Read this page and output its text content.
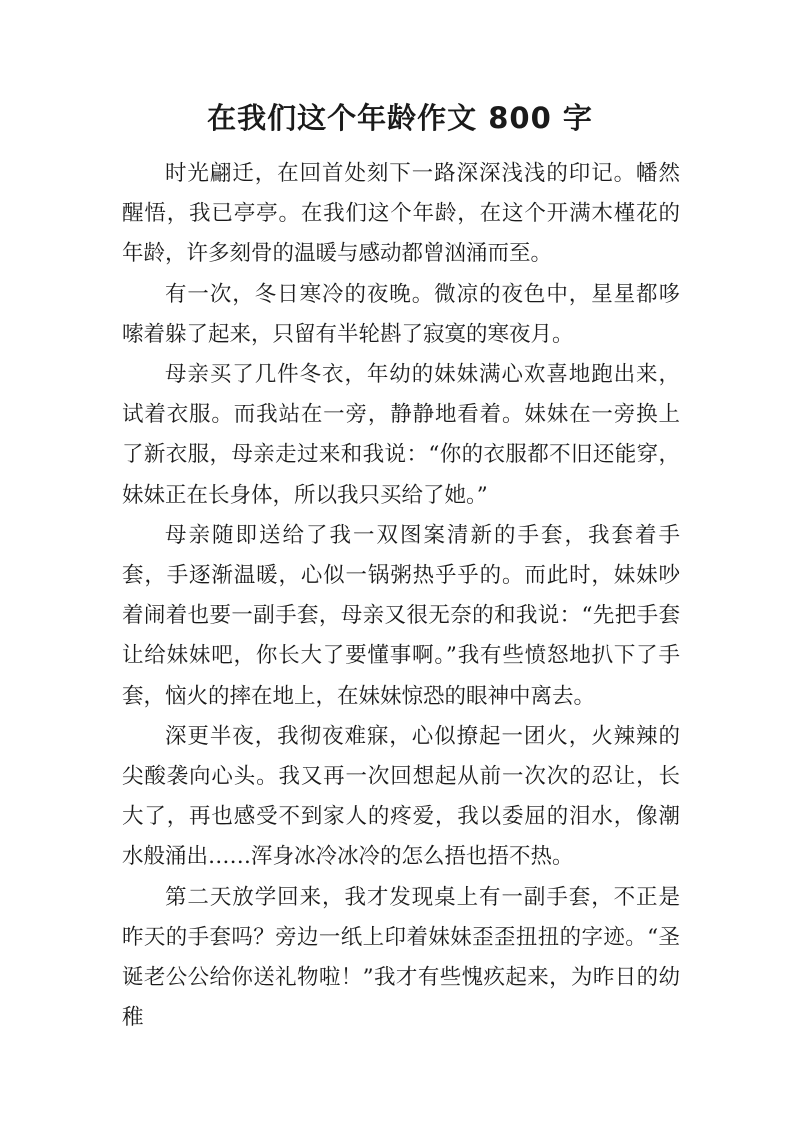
在我们这个年龄作文 800 字

时光翩迁，在回首处刻下一路深深浅浅的印记。幡然醒悟，我已亭亭。在我们这个年龄，在这个开满木槿花的年龄，许多刻骨的温暖与感动都曾汹涌而至。

有一次，冬日寒冷的夜晚。微凉的夜色中，星星都哆嗦着躲了起来，只留有半轮斟了寂寞的寒夜月。

母亲买了几件冬衣，年幼的妹妹满心欢喜地跑出来，试着衣服。而我站在一旁，静静地看着。妹妹在一旁换上了新衣服，母亲走过来和我说：“你的衣服都不旧还能穿，妹妹正在长身体，所以我只买给了她。”

母亲随即送给了我一双图案清新的手套，我套着手套，手逐渐温暖，心似一锅粥热乎乎的。而此时，妹妹吵着闹着也要一副手套，母亲又很无奈的和我说：“先把手套让给妹妹吧，你长大了要懂事啊。”我有些愤怒地扒下了手套，恼火的摔在地上，在妹妹惊恐的眼神中离去。

深更半夜，我彻夜难寐，心似撩起一团火，火辣辣的尖酸袭向心头。我又再一次回想起从前一次次的忍让，长大了，再也感受不到家人的疼爱，我以委屈的泪水，像潮水般涌出……浑身冰冷冰冷的怎么捂也捂不热。

第二天放学回来，我才发现桌上有一副手套，不正是昨天的手套吗？旁边一纸上印着妹妹歪歪扭扭的字迹。“圣诞老公公给你送礼物啦！”我才有些愧疚起来，为昨日的幼稚
